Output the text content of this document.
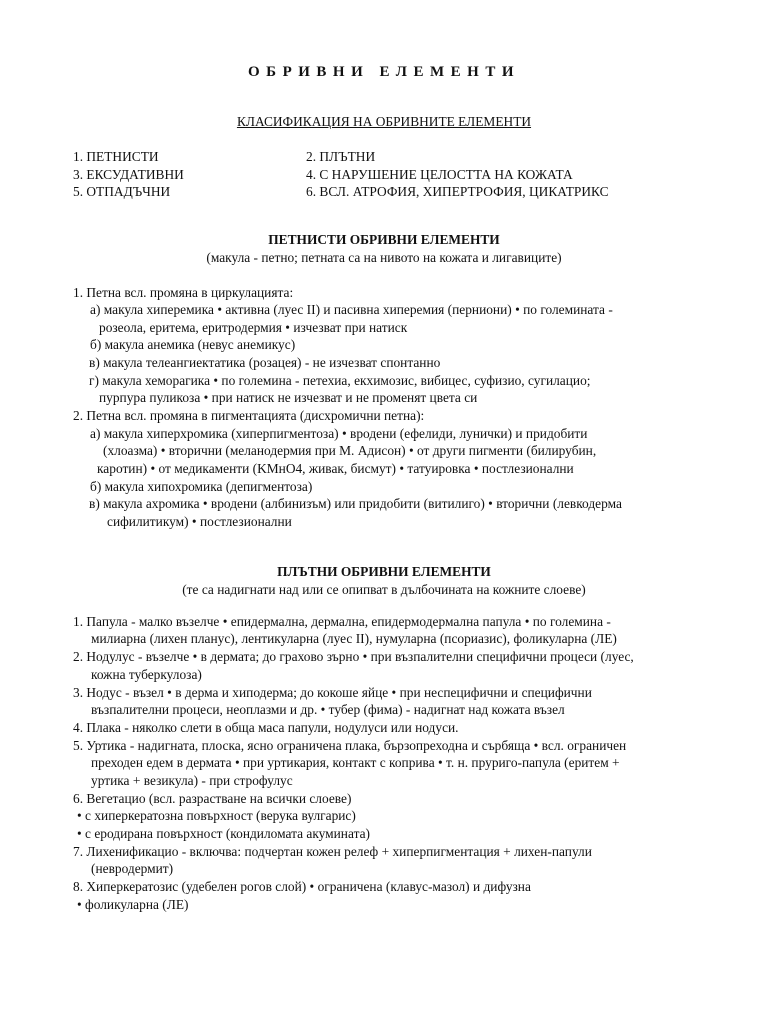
ОБРИВНИ ЕЛЕМЕНТИ
КЛАСИФИКАЦИЯ НА ОБРИВНИТЕ ЕЛЕМЕНТИ
1. ПЕТНИСТИ	2. ПЛЪТНИ
3. ЕКСУДАТИВНИ	4. С НАРУШЕНИЕ ЦЕЛОСТТА НА КОЖАТА
5. ОТПАДЪЧНИ	6. ВСЛ. АТРОФИЯ, ХИПЕРТРОФИЯ, ЦИКАТРИКС
ПЕТНИСТИ ОБРИВНИ ЕЛЕМЕНТИ
(макула - петно; петната са на нивото на кожата и лигавиците)
1. Петна всл. промяна в циркулацията:
а) макула хиперемика • активна (луес II) и пасивна хиперемия (перниони) • по големината -
розеола, еритема, еритродермия • изчезват при натиск
б) макула анемика (невус анемикус)
в) макула телеангиектатика (розацея) - не изчезват спонтанно
г) макула хеморагика • по големина - петехиа, екхимозис, вибицес, суфизио, сугилацио;
пурпура пуликоза • при натиск не изчезват и не променят цвета си
2. Петна всл. промяна в пигментацията (дисхромични петна):
а) макула хиперхромика (хиперпигментоза) • вродени (ефелиди, лунички) и придобити
(хлоазма) • вторични (меланодермия при М. Адисон) • от други пигменти (билирубин,
каротин) • от медикаменти (KMнO4, живак, бисмут) • татуировка • постлезионални
б) макула хипохромика (депигментоза)
в) макула ахромика • вродени (албинизъм) или придобити (витилиго) • вторични (левкодерма
сифилитикум) • постлезионални
ПЛЪТНИ ОБРИВНИ ЕЛЕМЕНТИ
(те са надигнати над или се опипват в дълбочината на кожните слоеве)
1. Папула - малко възелче • епидермална, дермална, епидермодермална папула • по големина -
милиарна (лихен планус), лентикуларна (луес II), нумуларна (псориазис), фоликуларна (ЛЕ)
2. Нодулус - възелче • в дермата; до грахово зърно • при възпалителни специфични процеси (луес,
кожна туберкулоза)
3. Нодус - възел • в дерма и хиподерма; до кокоше яйце • при неспецифични и специфични
възпалителни процеси, неоплазми и др. • тубер (фима) - надигнат над кожата възел
4. Плака - няколко слети в обща маса папули, нодулуси или нодуси.
5. Уртика - надигната, плоска, ясно ограничена плака, бързопреходна и сърбяща • всл. ограничен
преходен едем в дермата • при уртикария, контакт с коприва • т. н. пруриго-папула (еритем +
уртика + везикула) - при строфулус
6. Вегетацио (всл. разрастване на всички слоеве)
• с хиперкератозна повърхност (верука вулгарис)
• с еродирана повърхност (кондиломата акумината)
7. Лихенификацио - включва: подчертан кожен релеф + хиперпигментация + лихен-папули
(невродермит)
8. Хиперкератозис (удебелен рогов слой) • ограничена (клавус-мазол) и дифузна
• фоликуларна (ЛЕ)
